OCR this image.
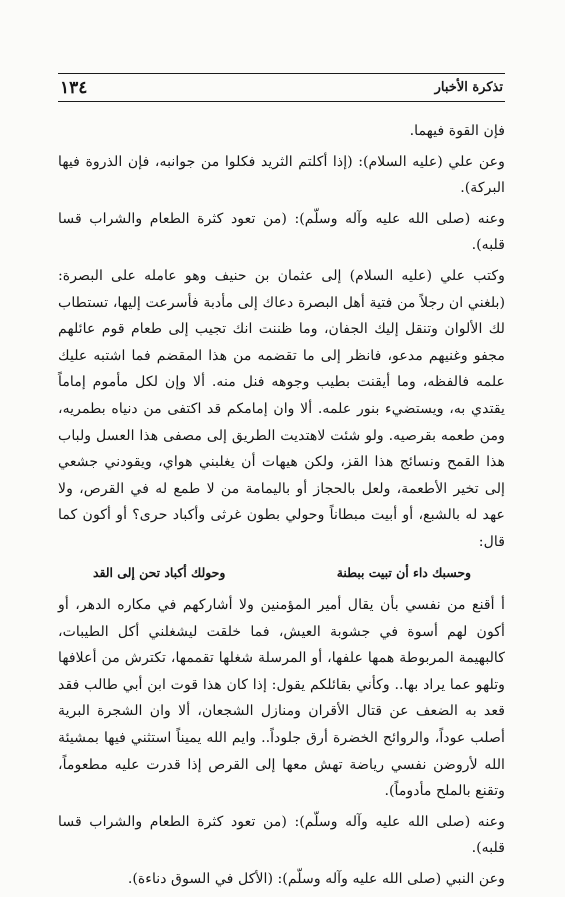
١٣٤	تذكرة الأخبار

فإن القوة فيهما.

وعن علي (عليه السلام): (إذا أكلتم الثريد فكلوا من جوانبه، فإن الذروة فيها البركة).

وعنه (صلى الله عليه وآله وسلّم): (من تعود كثرة الطعام والشراب قسا قلبه).

وكتب علي (عليه السلام) إلى عثمان بن حنيف وهو عامله على البصرة: (بلغني ان رجلاً من فتية أهل البصرة دعاك إلى مأدبة فأسرعت إليها، تستطاب لك الألوان وتنقل إليك الجفان، وما ظننت انك تجيب إلى طعام قوم عائلهم مجفو وغنيهم مدعو، فانظر إلى ما تقضمه من هذا المقضم فما اشتبه عليك علمه فالفظه، وما أيقنت بطيب وجوهه فنل منه. ألا وإن لكل مأموم إماماً يقتدي به، ويستضيء بنور علمه. ألا وان إمامكم قد اكتفى من دنياه بطمريه، ومن طعمه بقرصيه. ولو شئت لاهتديت الطريق إلى مصفى هذا العسل ولباب هذا القمح ونسائج هذا القز، ولكن هيهات أن يغلبني هواي، ويقودني جشعي إلى تخير الأطعمة، ولعل بالحجاز أو باليمامة من لا طمع له في القرص، ولا عهد له بالشبع، أو أبيت مبطاناً وحولي بطون غرثى وأكباد حرى؟ أو أكون كما قال:

وحسبك داء أن تبيت ببطنة
وحولك أكباد تحن إلى القد

أ أقنع من نفسي بأن يقال أمير المؤمنين ولا أشاركهم في مكاره الدهر، أو أكون لهم أسوة في جشوبة العيش، فما خلقت ليشغلني أكل الطيبات، كالبهيمة المربوطة همها علفها، أو المرسلة شغلها تقممها، تكترش من أعلافها وتلهو عما يراد بها.. وكأني بقائلكم يقول: إذا كان هذا قوت ابن أبي طالب فقد قعد به الضعف عن قتال الأقران ومنازل الشجعان، ألا وان الشجرة البرية أصلب عوداً، والروائح الخضرة أرق جلوداً.. وايم الله يميناً استثني فيها بمشيئة الله لأروضن نفسي رياضة تهش معها إلى القرص إذا قدرت عليه مطعوماً، وتقنع بالملح مأدوماً).

وعنه (صلى الله عليه وآله وسلّم): (من تعود كثرة الطعام والشراب قسا قلبه).

وعن النبي (صلى الله عليه وآله وسلّم): (الأكل في السوق دناءة).
